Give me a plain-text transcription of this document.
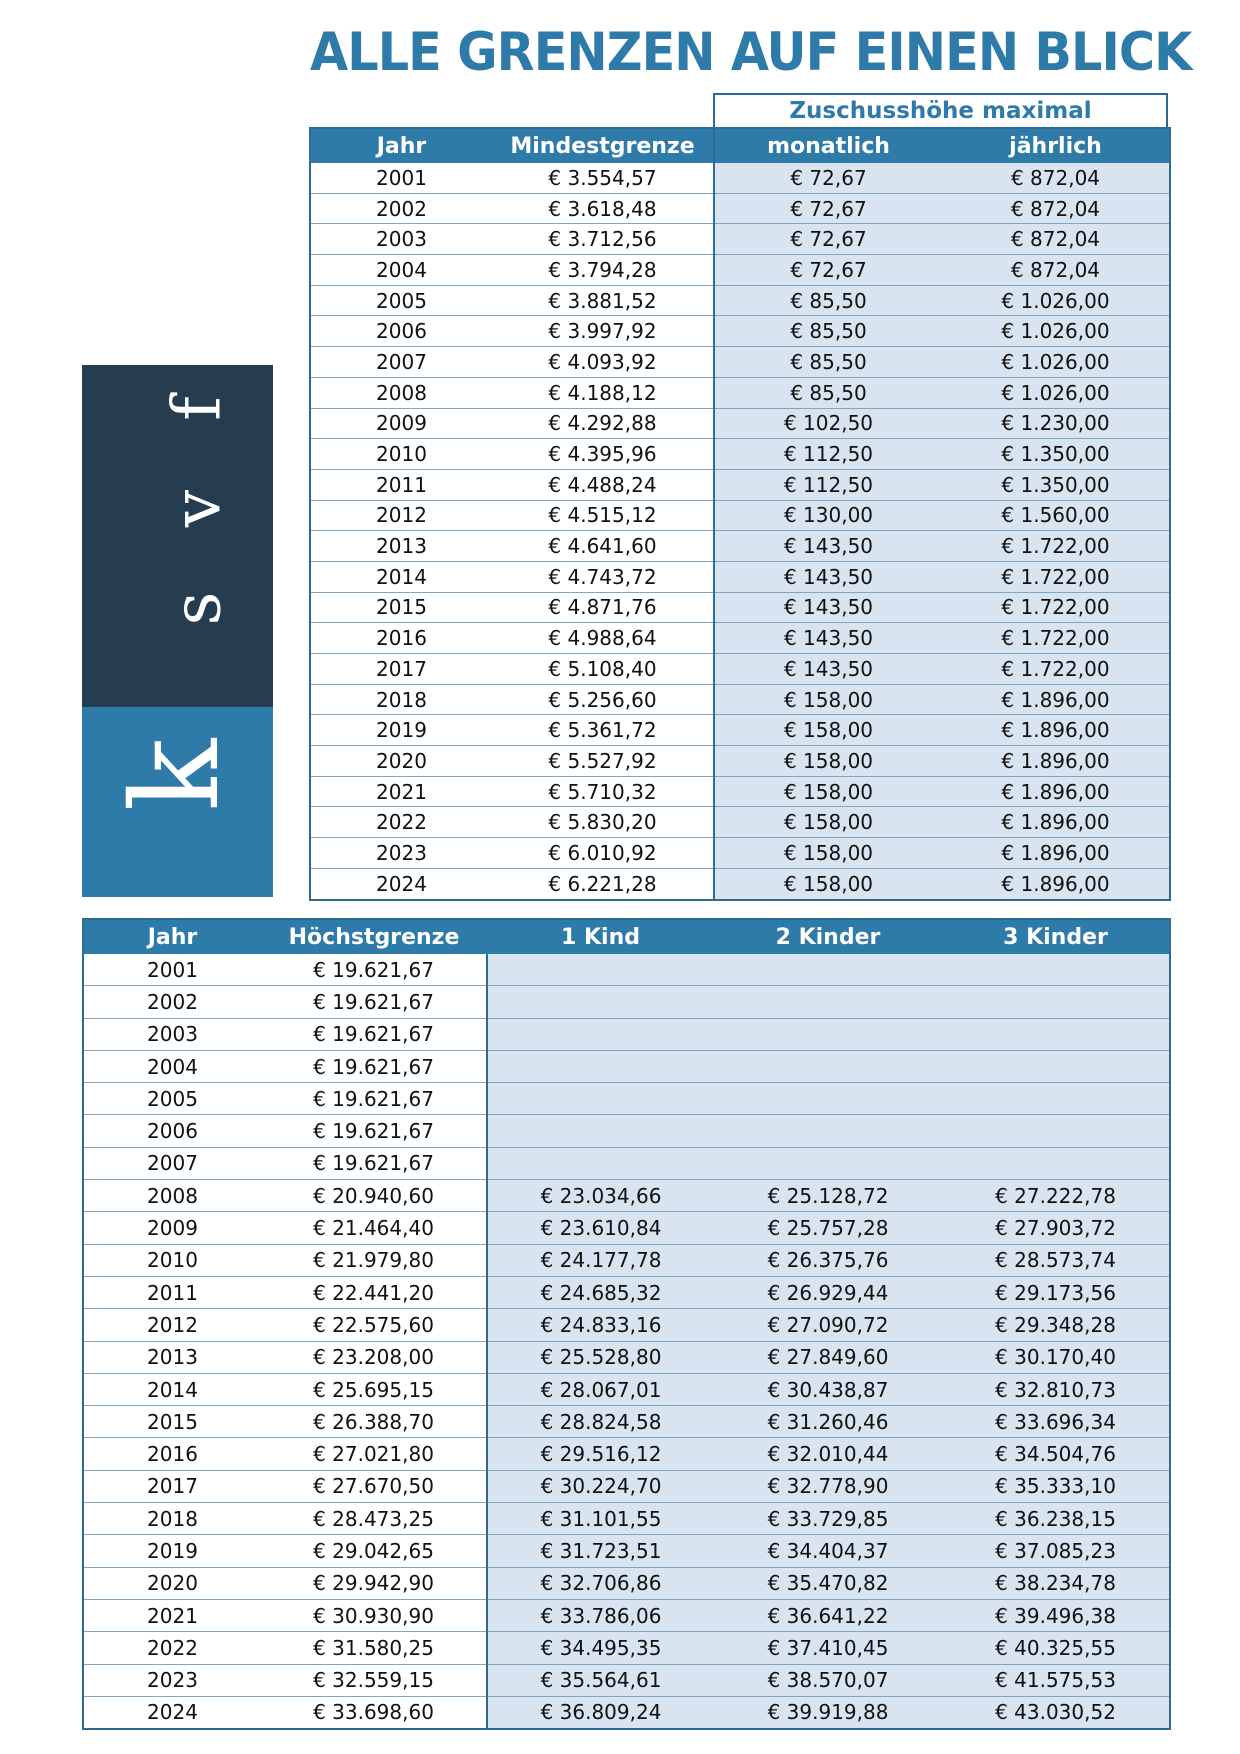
ALLE GRENZEN AUF EINEN BLICK
f
v
s
k
Zuschusshöhe maximal
Jahr	Mindestgrenze	monatlich	jährlich
2001	€ 3.554,57	€ 72,67	€ 872,04
2002	€ 3.618,48	€ 72,67	€ 872,04
2003	€ 3.712,56	€ 72,67	€ 872,04
2004	€ 3.794,28	€ 72,67	€ 872,04
2005	€ 3.881,52	€ 85,50	€ 1.026,00
2006	€ 3.997,92	€ 85,50	€ 1.026,00
2007	€ 4.093,92	€ 85,50	€ 1.026,00
2008	€ 4.188,12	€ 85,50	€ 1.026,00
2009	€ 4.292,88	€ 102,50	€ 1.230,00
2010	€ 4.395,96	€ 112,50	€ 1.350,00
2011	€ 4.488,24	€ 112,50	€ 1.350,00
2012	€ 4.515,12	€ 130,00	€ 1.560,00
2013	€ 4.641,60	€ 143,50	€ 1.722,00
2014	€ 4.743,72	€ 143,50	€ 1.722,00
2015	€ 4.871,76	€ 143,50	€ 1.722,00
2016	€ 4.988,64	€ 143,50	€ 1.722,00
2017	€ 5.108,40	€ 143,50	€ 1.722,00
2018	€ 5.256,60	€ 158,00	€ 1.896,00
2019	€ 5.361,72	€ 158,00	€ 1.896,00
2020	€ 5.527,92	€ 158,00	€ 1.896,00
2021	€ 5.710,32	€ 158,00	€ 1.896,00
2022	€ 5.830,20	€ 158,00	€ 1.896,00
2023	€ 6.010,92	€ 158,00	€ 1.896,00
2024	€ 6.221,28	€ 158,00	€ 1.896,00
Jahr	Höchstgrenze	1 Kind	2 Kinder	3 Kinder
2001	€ 19.621,67			
2002	€ 19.621,67			
2003	€ 19.621,67			
2004	€ 19.621,67			
2005	€ 19.621,67			
2006	€ 19.621,67			
2007	€ 19.621,67			
2008	€ 20.940,60	€ 23.034,66	€ 25.128,72	€ 27.222,78
2009	€ 21.464,40	€ 23.610,84	€ 25.757,28	€ 27.903,72
2010	€ 21.979,80	€ 24.177,78	€ 26.375,76	€ 28.573,74
2011	€ 22.441,20	€ 24.685,32	€ 26.929,44	€ 29.173,56
2012	€ 22.575,60	€ 24.833,16	€ 27.090,72	€ 29.348,28
2013	€ 23.208,00	€ 25.528,80	€ 27.849,60	€ 30.170,40
2014	€ 25.695,15	€ 28.067,01	€ 30.438,87	€ 32.810,73
2015	€ 26.388,70	€ 28.824,58	€ 31.260,46	€ 33.696,34
2016	€ 27.021,80	€ 29.516,12	€ 32.010,44	€ 34.504,76
2017	€ 27.670,50	€ 30.224,70	€ 32.778,90	€ 35.333,10
2018	€ 28.473,25	€ 31.101,55	€ 33.729,85	€ 36.238,15
2019	€ 29.042,65	€ 31.723,51	€ 34.404,37	€ 37.085,23
2020	€ 29.942,90	€ 32.706,86	€ 35.470,82	€ 38.234,78
2021	€ 30.930,90	€ 33.786,06	€ 36.641,22	€ 39.496,38
2022	€ 31.580,25	€ 34.495,35	€ 37.410,45	€ 40.325,55
2023	€ 32.559,15	€ 35.564,61	€ 38.570,07	€ 41.575,53
2024	€ 33.698,60	€ 36.809,24	€ 39.919,88	€ 43.030,52
